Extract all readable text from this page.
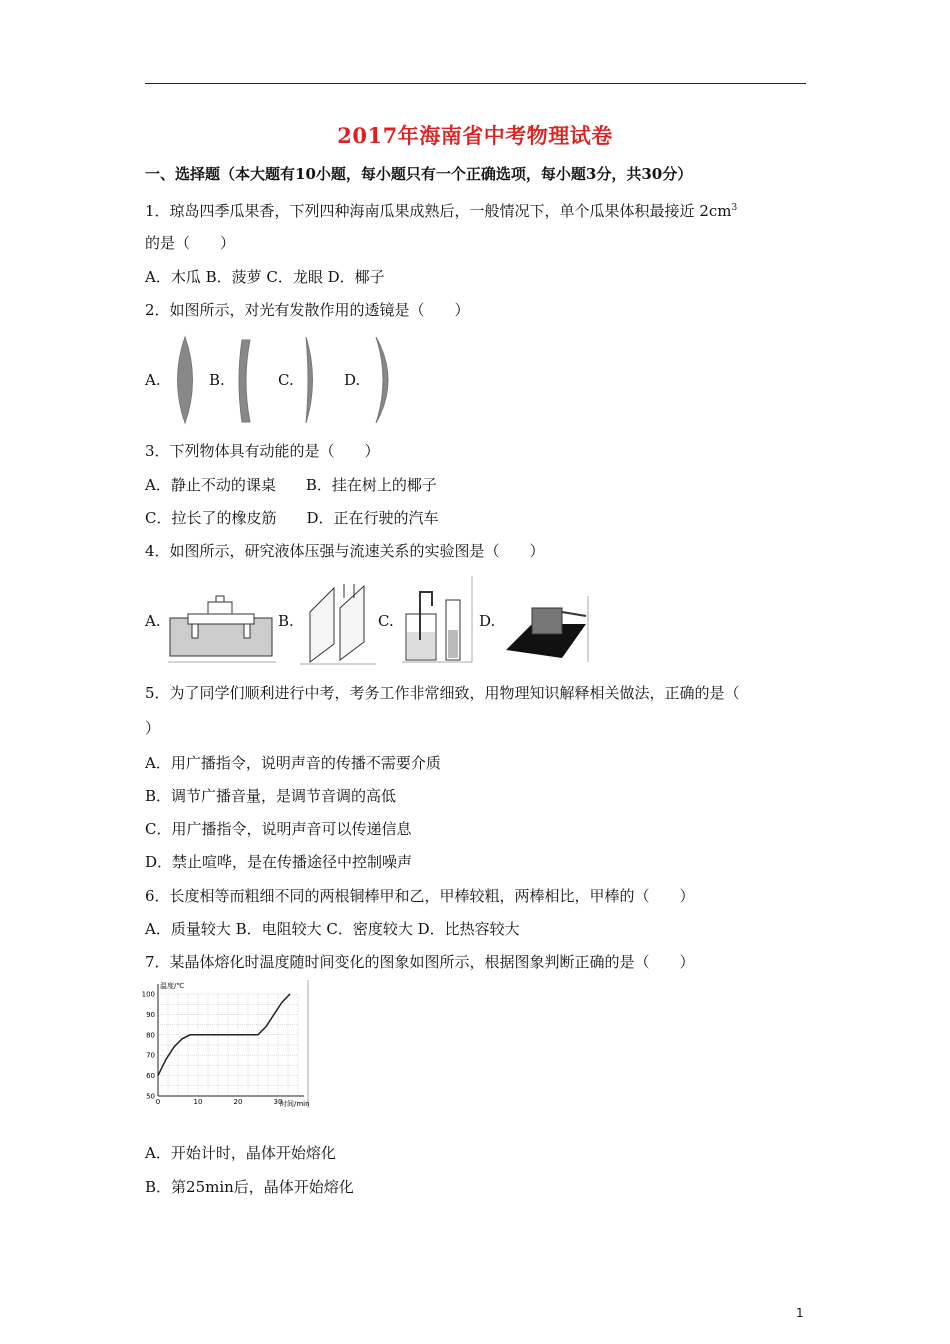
2017年海南省中考物理试卷
一、选择题（本大题有10小题，每小题只有一个正确选项，每小题3分，共30分）
1．琼岛四季瓜果香，下列四种海南瓜果成熟后，一般情况下，单个瓜果体积最接近 $2cm^3$
的是（　　）
A．木瓜 B．菠萝 C．龙眼 D．椰子
2．如图所示，对光有发散作用的透镜是（　　）
A.	B.	C.	D.
3．下列物体具有动能的是（　　）
A．静止不动的课桌　　B．挂在树上的椰子
C．拉长了的橡皮筋　　D．正在行驶的汽车
4．如图所示，研究液体压强与流速关系的实验图是（　　）
A.	B.	C.	D.
5．为了同学们顺利进行中考，考务工作非常细致，用物理知识解释相关做法，正确的是（
）
A．用广播指令，说明声音的传播不需要介质
B．调节广播音量，是调节音调的高低
C．用广播指令，说明声音可以传递信息
D．禁止喧哗，是在传播途径中控制噪声
6．长度相等而粗细不同的两根铜棒甲和乙，甲棒较粗，两棒相比，甲棒的（　　）
A．质量较大 B．电阻较大 C．密度较大 D．比热容较大
7．某晶体熔化时温度随时间变化的图象如图所示，根据图象判断正确的是（　　）
0	10	20	30
50
60
70
80
90
100
温度/℃
时间/min
A．开始计时，晶体开始熔化
B．第25min后，晶体开始熔化
1
